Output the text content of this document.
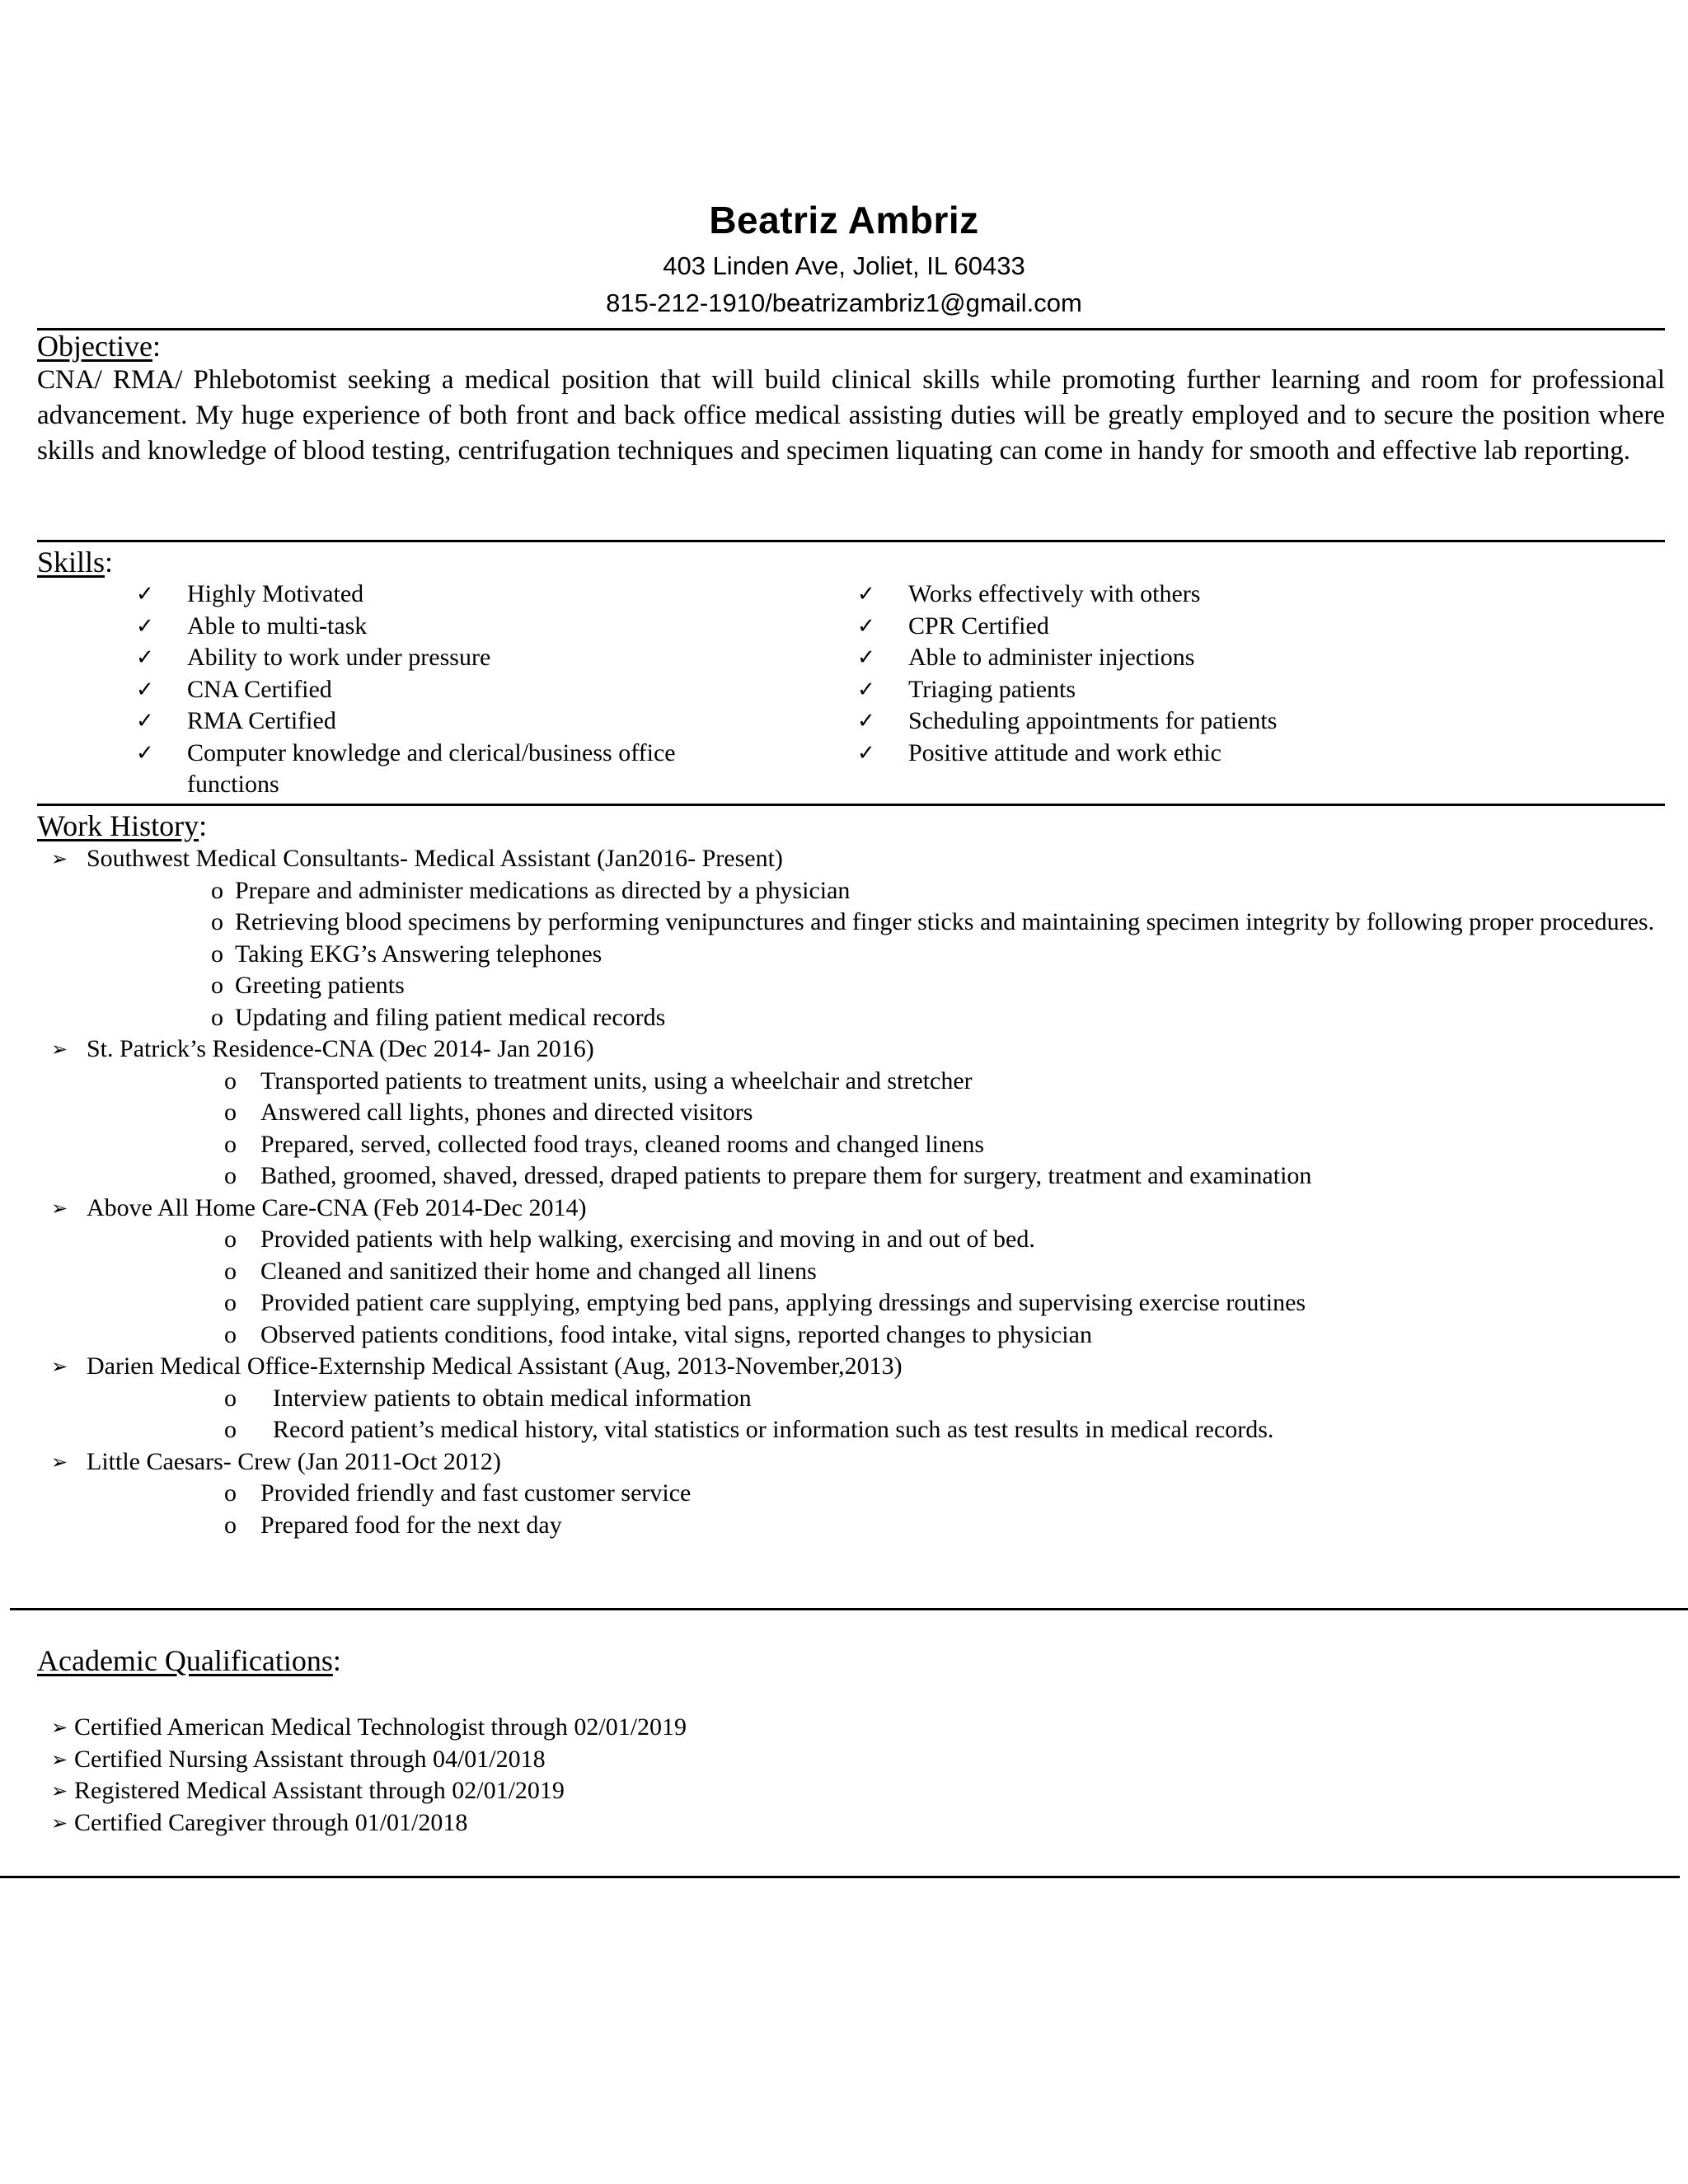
Beatriz Ambriz
403 Linden Ave, Joliet, IL 60433
815-212-1910/beatrizambriz1@gmail.com
Objective:
CNA/ RMA/ Phlebotomist seeking a medical position that will build clinical skills while promoting further learning and room for professional advancement. My huge experience of both front and back office medical assisting duties will be greatly employed and to secure the position where skills and knowledge of blood testing, centrifugation techniques and specimen liquating can come in handy for smooth and effective lab reporting.
Skills:
✓ Highly Motivated
✓ Able to multi-task
✓ Ability to work under pressure
✓ CNA Certified
✓ RMA Certified
✓ Computer knowledge and clerical/business office functions
✓ Works effectively with others
✓ CPR Certified
✓ Able to administer injections
✓ Triaging patients
✓ Scheduling appointments for patients
✓ Positive attitude and work ethic
Work History:
➢ Southwest Medical Consultants- Medical Assistant (Jan2016- Present)
o Prepare and administer medications as directed by a physician
o Retrieving blood specimens by performing venipunctures and finger sticks and maintaining specimen integrity by following proper procedures.
o Taking EKG’s Answering telephones
o Greeting patients
o Updating and filing patient medical records
➢ St. Patrick’s Residence-CNA (Dec 2014- Jan 2016)
o Transported patients to treatment units, using a wheelchair and stretcher
o Answered call lights, phones and directed visitors
o Prepared, served, collected food trays, cleaned rooms and changed linens
o Bathed, groomed, shaved, dressed, draped patients to prepare them for surgery, treatment and examination
➢ Above All Home Care-CNA (Feb 2014-Dec 2014)
o Provided patients with help walking, exercising and moving in and out of bed.
o Cleaned and sanitized their home and changed all linens
o Provided patient care supplying, emptying bed pans, applying dressings and supervising exercise routines
o Observed patients conditions, food intake, vital signs, reported changes to physician
➢ Darien Medical Office-Externship Medical Assistant (Aug, 2013-November,2013)
o Interview patients to obtain medical information
o Record patient’s medical history, vital statistics or information such as test results in medical records.
➢ Little Caesars- Crew (Jan 2011-Oct 2012)
o Provided friendly and fast customer service
o Prepared food for the next day
Academic Qualifications:
➢ Certified American Medical Technologist through 02/01/2019
➢ Certified Nursing Assistant through 04/01/2018
➢ Registered Medical Assistant through 02/01/2019
➢ Certified Caregiver through 01/01/2018
